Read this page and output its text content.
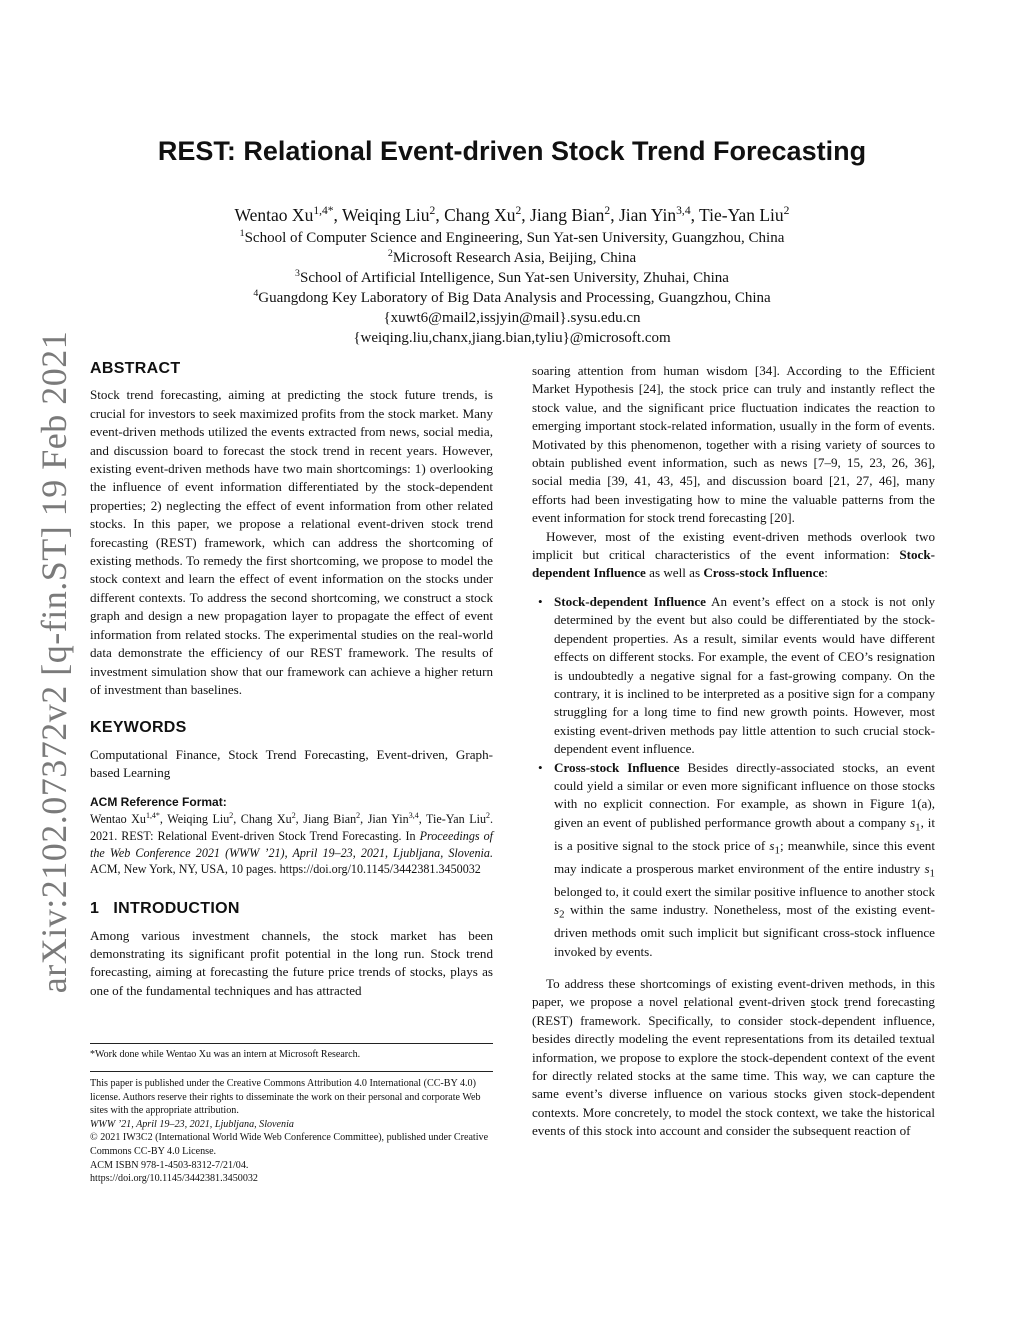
arXiv:2102.07372v2 [q-fin.ST] 19 Feb 2021
REST: Relational Event-driven Stock Trend Forecasting
Wentao $Xu^{1,4*}$, Weiqing Liu$^2$, Chang Xu$^2$, Jiang Bian$^2$, Jian Yin$^{3,4}$, Tie-Yan Liu$^2$
$^1$School of Computer Science and Engineering, Sun Yat-sen University, Guangzhou, China
$^2$Microsoft Research Asia, Beijing, China
$^3$School of Artificial Intelligence, Sun Yat-sen University, Zhuhai, China
$^4$Guangdong Key Laboratory of Big Data Analysis and Processing, Guangzhou, China
{xuwt6@mail2,issjyin@mail}.sysu.edu.cn
{weiqing.liu,chanx,jiang.bian,tyliu}@microsoft.com
ABSTRACT

Stock trend forecasting, aiming at predicting the stock future trends, is crucial for investors to seek maximized profits from the stock market. Many event-driven methods utilized the events extracted from news, social media, and discussion board to forecast the stock trend in recent years. However, existing event-driven methods have two main shortcomings: 1) overlooking the influence of event information differentiated by the stock-dependent properties; 2) neglecting the effect of event information from other related stocks. In this paper, we propose a relational event-driven stock trend forecasting (REST) framework, which can address the shortcoming of existing methods. To remedy the first shortcoming, we propose to model the stock context and learn the effect of event information on the stocks under different contexts. To address the second shortcoming, we construct a stock graph and design a new propagation layer to propagate the effect of event information from related stocks. The experimental studies on the real-world data demonstrate the efficiency of our REST framework. The results of investment simulation show that our framework can achieve a higher return of investment than baselines.

KEYWORDS

Computational Finance, Stock Trend Forecasting, Event-driven, Graph-based Learning

ACM Reference Format:

Wentao $Xu^{1,4*}$, Weiqing Liu$^2$, Chang Xu$^2$, Jiang Bian$^2$, Jian Yin$^{3,4}$, Tie-Yan Liu$^2$. 2021. REST: Relational Event-driven Stock Trend Forecasting. In Proceedings of the Web Conference 2021 (WWW ’21), April 19–23, 2021, Ljubljana, Slovenia. ACM, New York, NY, USA, 10 pages. https://doi.org/10.1145/3442381.3450032

1   INTRODUCTION

Among various investment channels, the stock market has been demonstrating its significant profit potential in the long run. Stock trend forecasting, aiming at forecasting the future price trends of stocks, plays as one of the fundamental techniques and has attracted

*Work done while Wentao Xu was an intern at Microsoft Research.
This paper is published under the Creative Commons Attribution 4.0 International (CC-BY 4.0) license. Authors reserve their rights to disseminate the work on their personal and corporate Web sites with the appropriate attribution.
WWW ’21, April 19–23, 2021, Ljubljana, Slovenia
© 2021 IW3C2 (International World Wide Web Conference Committee), published under Creative Commons CC-BY 4.0 License.
ACM ISBN 978-1-4503-8312-7/21/04.
https://doi.org/10.1145/3442381.3450032

soaring attention from human wisdom [34]. According to the Efficient Market Hypothesis [24], the stock price can truly and instantly reflect the stock value, and the significant price fluctuation indicates the reaction to emerging important stock-related information, usually in the form of events. Motivated by this phenomenon, together with a rising variety of sources to obtain published event information, such as news [7–9, 15, 23, 26, 36], social media [39, 41, 43, 45], and discussion board [21, 27, 46], many efforts had been investigating how to mine the valuable patterns from the event information for stock trend forecasting [20].

However, most of the existing event-driven methods overlook two implicit but critical characteristics of the event information: Stock-dependent Influence as well as Cross-stock Influence:

• Stock-dependent Influence An event’s effect on a stock is not only determined by the event but also could be differentiated by the stock-dependent properties. As a result, similar events would have different effects on different stocks. For example, the event of CEO’s resignation is undoubtedly a negative signal for a fast-growing company. On the contrary, it is inclined to be interpreted as a positive sign for a company struggling for a long time to find new growth points. However, most existing event-driven methods pay little attention to such crucial stock-dependent event influence.
• Cross-stock Influence Besides directly-associated stocks, an event could yield a similar or even more significant influence on those stocks with no explicit connection. For example, as shown in Figure 1(a), given an event of published performance growth about a company $s_1$, it is a positive signal to the stock price of $s_1$; meanwhile, since this event may indicate a prosperous market environment of the entire industry $s_1$ belonged to, it could exert the similar positive influence to another stock $s_2$ within the same industry. Nonetheless, most of the existing event-driven methods omit such implicit but significant cross-stock influence invoked by events.

To address these shortcomings of existing event-driven methods, in this paper, we propose a novel relational event-driven stock trend forecasting (REST) framework. Specifically, to consider stock-dependent influence, besides directly modeling the event representations from its detailed textual information, we propose to explore the stock-dependent context of the event for directly related stocks at the same time. This way, we can capture the same event’s diverse influence on various stocks given stock-dependent contexts. More concretely, to model the stock context, we take the historical events of this stock into account and consider the subsequent reaction of
